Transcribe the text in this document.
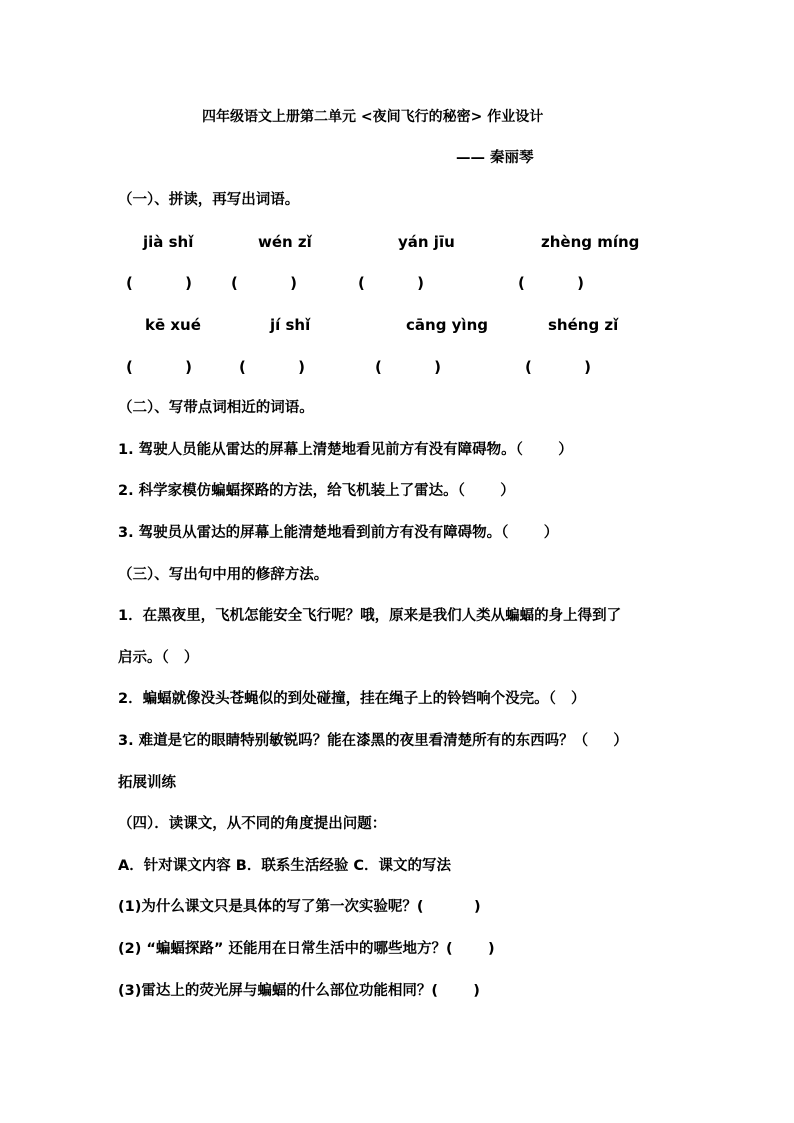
四年级语文上册第二单元 <夜间飞行的秘密> 作业设计
—— 秦丽琴
（一）、拼读，再写出词语。
jià shǐ	wén zǐ	yán jīu	zhèng míng
(          )	(          )	(          )	(          )
kē xué	jí shǐ	cāng yìng	shéng zǐ
(          )	(          )	(          )	(          )
（二）、写带点词相近的词语。
1. 驾驶人员能从雷达的屏幕上清楚地看见前方有没有障碍物。（       ）
2. 科学家模仿蝙蝠探路的方法，给飞机装上了雷达。（       ）
3. 驾驶员从雷达的屏幕上能清楚地看到前方有没有障碍物。（       ）
（三）、写出句中用的修辞方法。
1．在黑夜里，飞机怎能安全飞行呢？哦，原来是我们人类从蝙蝠的身上得到了
启示。（   ）
2．蝙蝠就像没头苍蝇似的到处碰撞，挂在绳子上的铃铛响个没完。（   ）
3. 难道是它的眼睛特别敏锐吗？能在漆黑的夜里看清楚所有的东西吗？（     ）
拓展训练
（四）．读课文，从不同的角度提出问题：
A．针对课文内容 B．联系生活经验 C．课文的写法
(1)为什么课文只是具体的写了第一次实验呢？(          )
(2) “蝙蝠探路” 还能用在日常生活中的哪些地方？(       )
(3)雷达上的荧光屏与蝙蝠的什么部位功能相同？(       )
